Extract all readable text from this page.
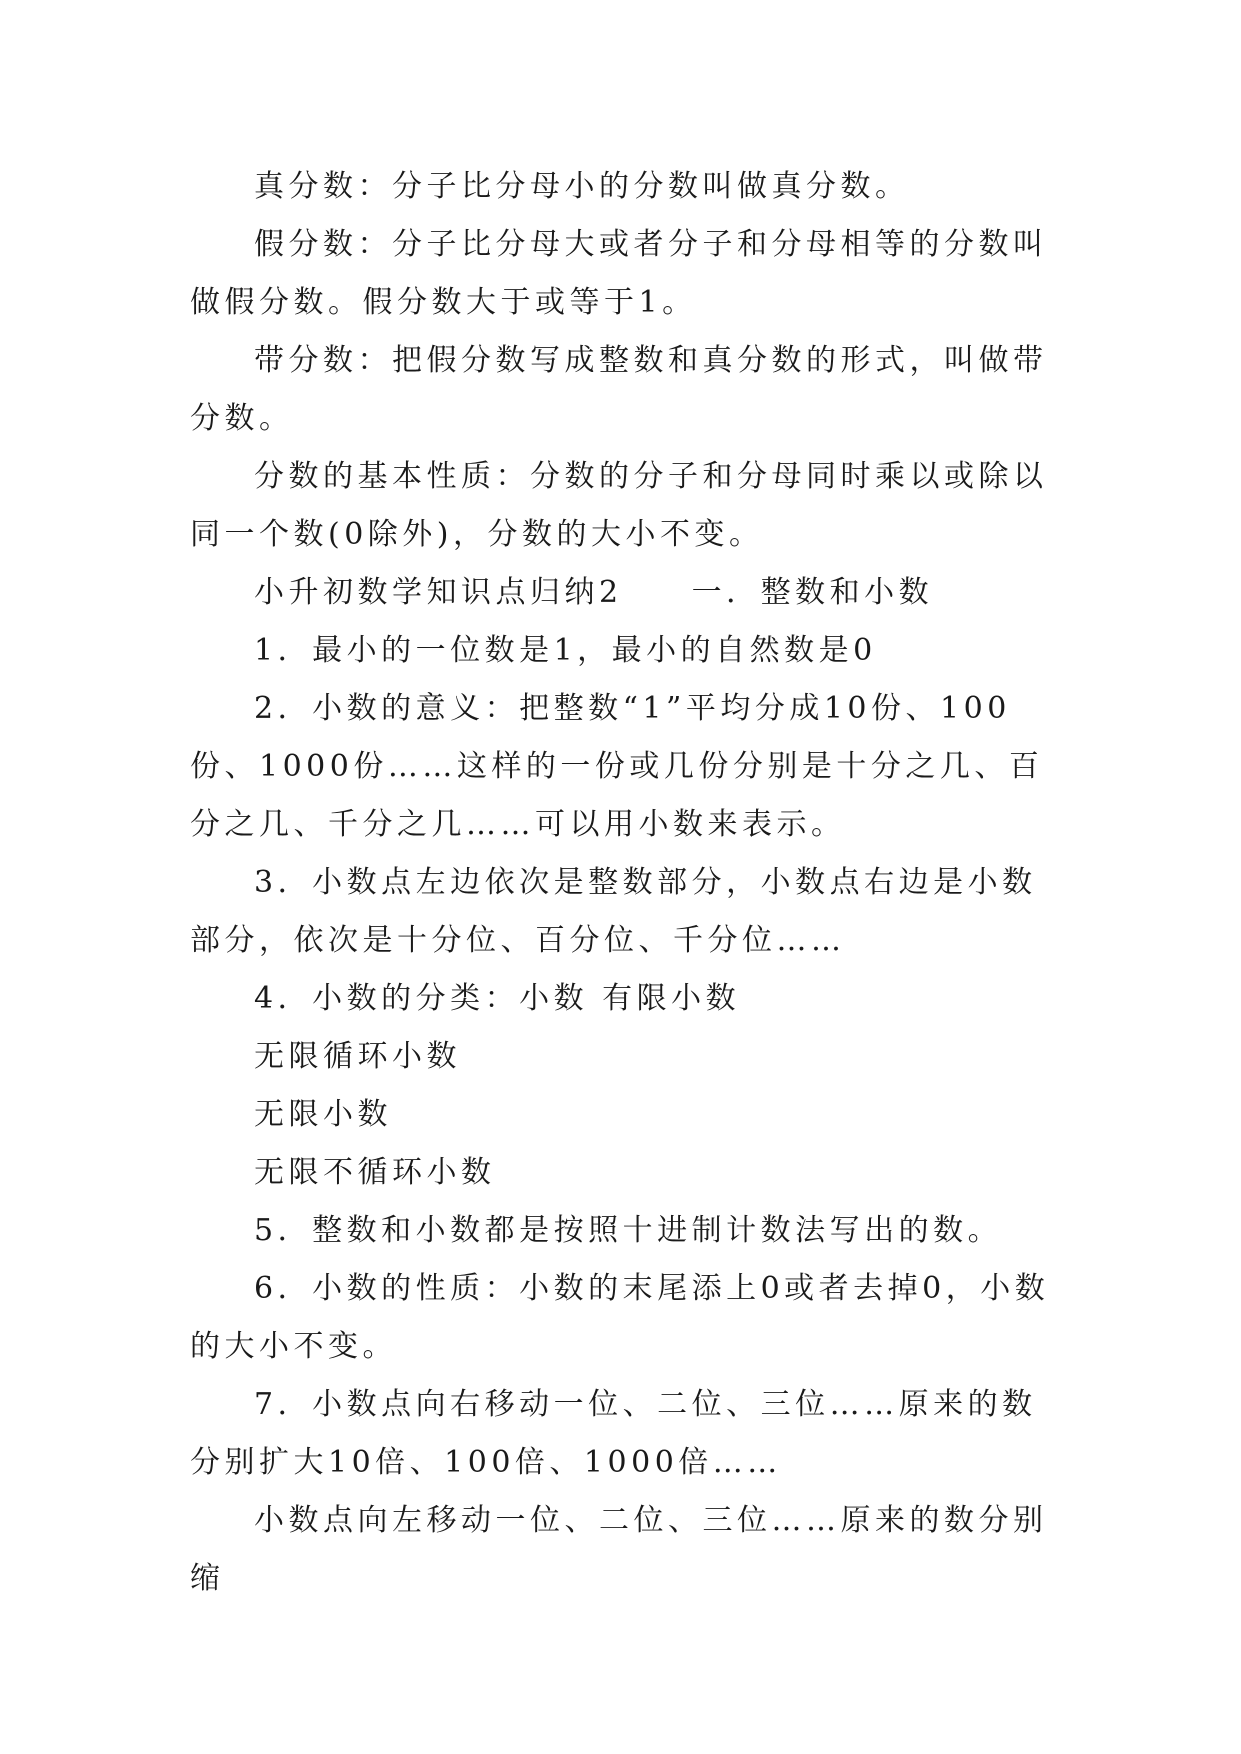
真分数：分子比分母小的分数叫做真分数。

假分数：分子比分母大或者分子和分母相等的分数叫做假分数。假分数大于或等于1。

带分数：把假分数写成整数和真分数的形式，叫做带分数。

分数的基本性质：分数的分子和分母同时乘以或除以同一个数(0除外)，分数的大小不变。

小升初数学知识点归纳2　　一．整数和小数

1．最小的一位数是1，最小的自然数是0

2．小数的意义：把整数“1”平均分成10份、100份、1000份……这样的一份或几份分别是十分之几、百分之几、千分之几……可以用小数来表示。

3．小数点左边依次是整数部分，小数点右边是小数部分，依次是十分位、百分位、千分位……

4．小数的分类：小数 有限小数

无限循环小数

无限小数

无限不循环小数

5．整数和小数都是按照十进制计数法写出的数。

6．小数的性质：小数的末尾添上0或者去掉0，小数的大小不变。

7．小数点向右移动一位、二位、三位……原来的数分别扩大10倍、100倍、1000倍……

小数点向左移动一位、二位、三位……原来的数分别缩
